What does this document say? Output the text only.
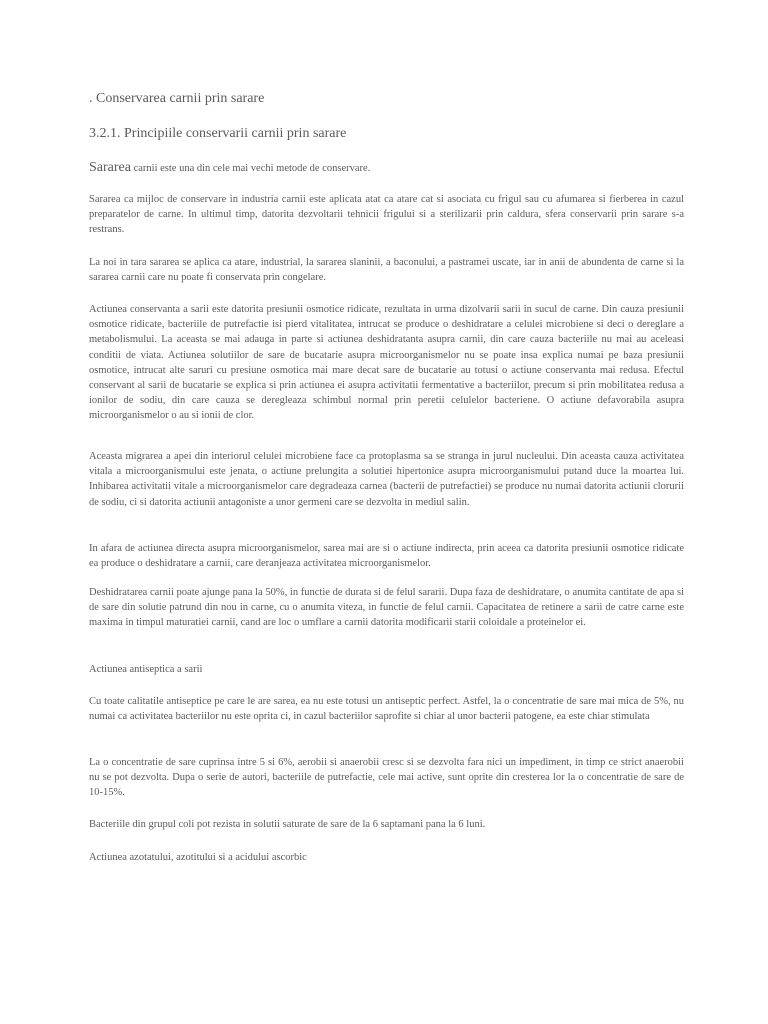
. Conservarea carnii prin sarare
3.2.1. Principiile conservarii carnii prin sarare
Sararea carnii este una din cele mai vechi metode de conservare.

Sararea ca mijloc de conservare in industria carnii este aplicata atat ca atare cat si asociata cu frigul sau cu afumarea si fierberea in cazul preparatelor de carne. In ultimul timp, datorita dezvoltarii tehnicii frigului si a sterilizarii prin caldura, sfera conservarii prin sarare s-a restrans.

La noi in tara sararea se aplica ca atare, industrial, la sararea slaninii, a baconului, a pastramei uscate, iar in anii de abundenta de carne si la sararea carnii care nu poate fi conservata prin congelare.

Actiunea conservanta a sarii este datorita presiunii osmotice ridicate, rezultata in urma dizolvarii sarii in sucul de carne. Din cauza presiunii osmotice ridicate, bacteriile de putrefactie isi pierd vitalitatea, intrucat se produce o deshidratare a celulei microbiene si deci o dereglare a metabolismului. La aceasta se mai adauga in parte si actiunea deshidratanta asupra carnii, din care cauza bacteriile nu mai au aceleasi conditii de viata. Actiunea solutiilor de sare de bucatarie asupra microorganismelor nu se poate insa explica numai pe baza presiunii osmotice, intrucat alte saruri cu presiune osmotica mai mare decat sare de bucatarie au totusi o actiune conservanta mai redusa. Efectul conservant al sarii de bucatarie se explica si prin actiunea ei asupra activitatii fermentative a bacteriilor, precum si prin mobilitatea redusa a ionilor de sodiu, din care cauza se deregleaza schimbul normal prin peretii celulelor bacteriene. O actiune defavorabila asupra microorganismelor o au si ionii de clor.

Aceasta migrarea a apei din interiorul celulei microbiene face ca protoplasma sa se stranga in jurul nucleului. Din aceasta cauza activitatea vitala a microorganismului este jenata, o actiune prelungita a solutiei hipertonice asupra microorganismului putand duce la moartea lui. Inhibarea activitatii vitale a microorganismelor care degradeaza carnea (bacterii de putrefactiei) se produce nu numai datorita actiunii clorurii de sodiu, ci si datorita actiunii antagoniste a unor germeni care se dezvolta in mediul salin.

In afara de actiunea directa asupra microorganismelor, sarea mai are si o actiune indirecta, prin aceea ca datorita presiunii osmotice ridicate ea produce o deshidratare a carnii, care deranjeaza activitatea microorganismelor.

Deshidratarea carnii poate ajunge pana la 50%, in functie de durata si de felul sararii. Dupa faza de deshidratare, o anumita cantitate de apa si de sare din solutie patrund din nou in carne, cu o anumita viteza, in functie de felul carnii. Capacitatea de retinere a sarii de catre carne este maxima in timpul maturatiei carnii, cand are loc o umflare a carnii datorita modificarii starii coloidale a proteinelor ei.

Actiunea antiseptica a sarii

Cu toate calitatile antiseptice pe care le are sarea, ea nu este totusi un antiseptic perfect. Astfel, la o concentratie de sare mai mica de 5%, nu numai ca activitatea bacteriilor nu este oprita ci, in cazul bacteriilor saprofite si chiar al unor bacterii patogene, ea este chiar stimulata

La o concentratie de sare cuprinsa intre 5 si 6%, aerobii si anaerobii cresc si se dezvolta fara nici un impediment, in timp ce strict anaerobii nu se pot dezvolta. Dupa o serie de autori, bacteriile de putrefactie, cele mai active, sunt oprite din cresterea lor la o concentratie de sare de 10-15%.

Bacteriile din grupul coli pot rezista in solutii saturate de sare de la 6 saptamani pana la 6 luni.

Actiunea azotatului, azotitului si a acidului ascorbic
